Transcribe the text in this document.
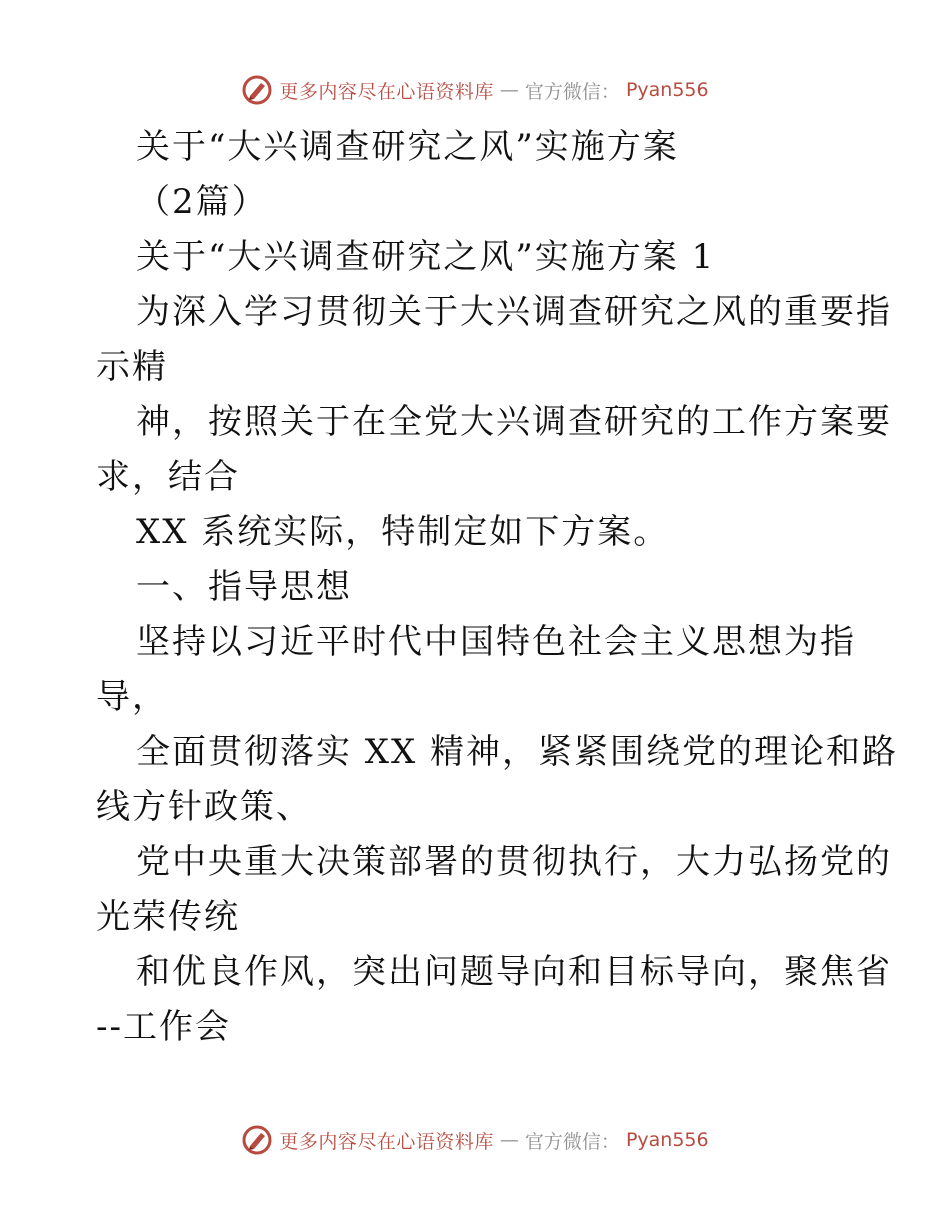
更多内容尽在心语资料库 — 官方微信： Pyan556
关于“大兴调查研究之风”实施方案
（2篇）
关于“大兴调查研究之风”实施方案 1
为深入学习贯彻关于大兴调查研究之风的重要指
示精
神，按照关于在全党大兴调查研究的工作方案要
求，结合
XX 系统实际，特制定如下方案。
一、指导思想
坚持以习近平时代中国特色社会主义思想为指
导，
全面贯彻落实 XX 精神，紧紧围绕党的理论和路
线方针政策、
党中央重大决策部署的贯彻执行，大力弘扬党的
光荣传统
和优良作风，突出问题导向和目标导向，聚焦省
--工作会
更多内容尽在心语资料库 — 官方微信： Pyan556
